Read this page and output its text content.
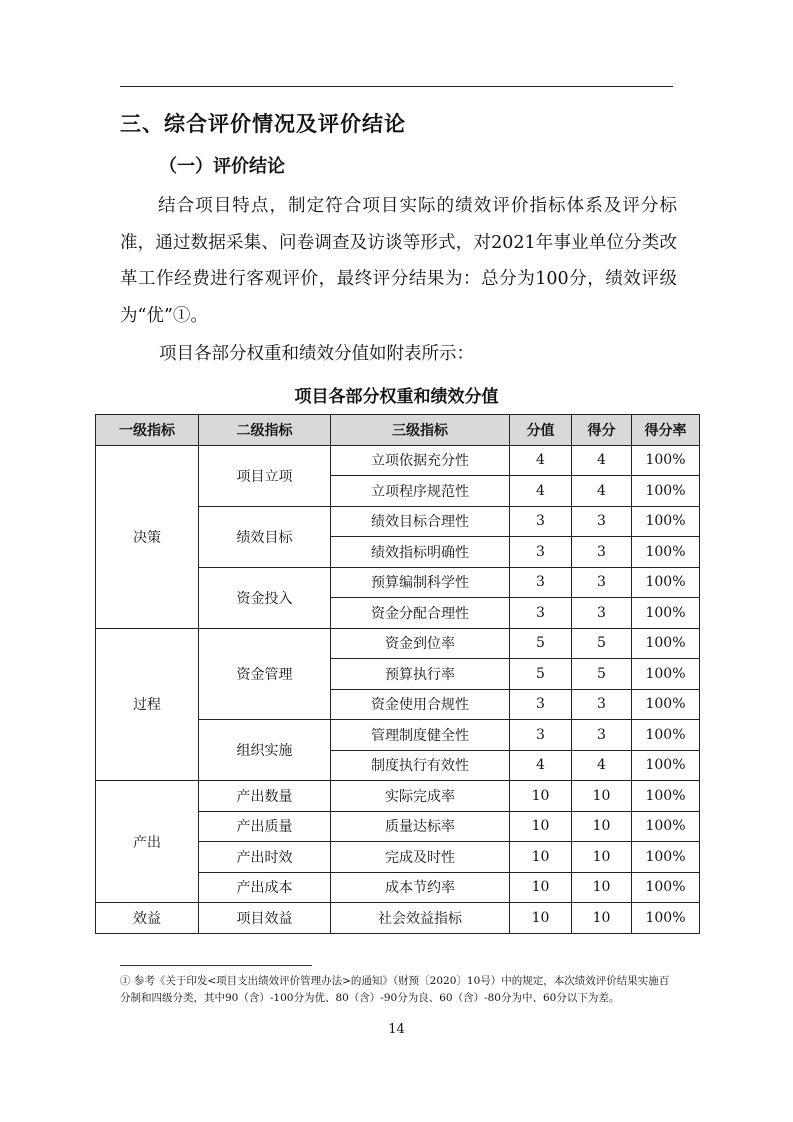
三、综合评价情况及评价结论
（一）评价结论
结合项目特点，制定符合项目实际的绩效评价指标体系及评分标准，通过数据采集、问卷调查及访谈等形式，对2021年事业单位分类改革工作经费进行客观评价，最终评分结果为：总分为100分，绩效评级为“优”①。
项目各部分权重和绩效分值如附表所示：
项目各部分权重和绩效分值
一级指标	二级指标	三级指标	分值	得分	得分率
决策	项目立项	立项依据充分性	4	4	100%
		立项程序规范性	4	4	100%
	绩效目标	绩效目标合理性	3	3	100%
		绩效指标明确性	3	3	100%
	资金投入	预算编制科学性	3	3	100%
		资金分配合理性	3	3	100%
过程	资金管理	资金到位率	5	5	100%
		预算执行率	5	5	100%
		资金使用合规性	3	3	100%
	组织实施	管理制度健全性	3	3	100%
		制度执行有效性	4	4	100%
产出	产出数量	实际完成率	10	10	100%
	产出质量	质量达标率	10	10	100%
	产出时效	完成及时性	10	10	100%
	产出成本	成本节约率	10	10	100%
效益	项目效益	社会效益指标	10	10	100%
① 参考《关于印发<项目支出绩效评价管理办法>的通知》（财预〔2020〕10号）中的规定，本次绩效评价结果实施百分制和四级分类，其中90（含）-100分为优、80（含）-90分为良、60（含）-80分为中、60分以下为差。
14
